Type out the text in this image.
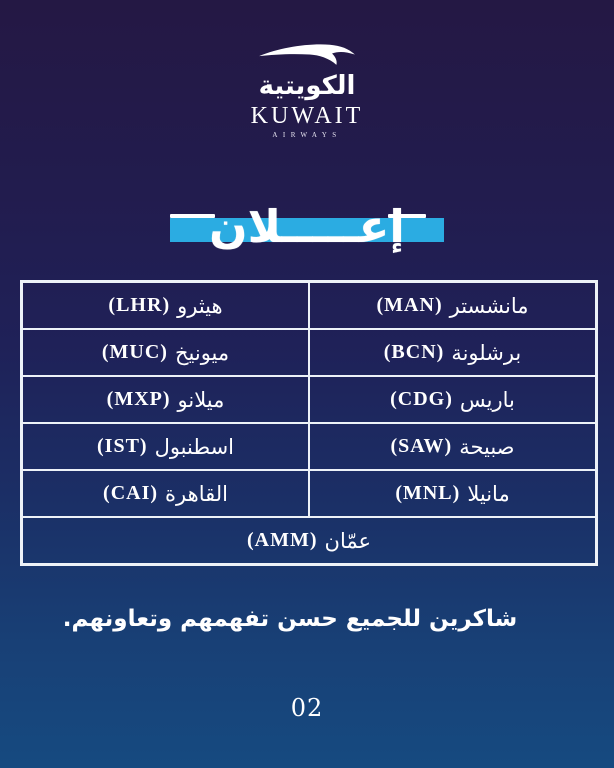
الكويتية
KUWAIT
AIRWAYS
إعـــــلان
مانشستر
( MAN )
هيثرو
( LHR )
برشلونة
( BCN )
ميونيخ
( MUC )
باريس
( CDG )
ميلانو
( MXP )
صبيحة
( SAW )
اسطنبول
( IST )
مانيلا
( MNL )
القاهرة
( CAI )
عمّان
( AMM )

شاكرين للجميع حسن تفهمهم وتعاونهم.

02
